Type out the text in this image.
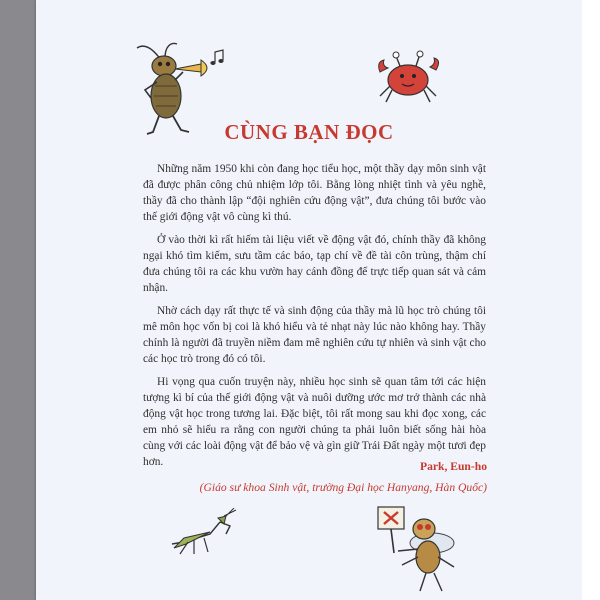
CÙNG BẠN ĐỌC

Những năm 1950 khi còn đang học tiểu học, một thầy dạy môn sinh vật đã được phân công chủ nhiệm lớp tôi. Bằng lòng nhiệt tình và yêu nghề, thầy đã cho thành lập “đội nghiên cứu động vật”, đưa chúng tôi bước vào thế giới động vật vô cùng kì thú.

Ở vào thời kì rất hiếm tài liệu viết về động vật đó, chính thầy đã không ngại khó tìm kiếm, sưu tầm các báo, tạp chí về đề tài côn trùng, thậm chí đưa chúng tôi ra các khu vườn hay cánh đồng để trực tiếp quan sát và cảm nhận.

Nhờ cách dạy rất thực tế và sinh động của thầy mà lũ học trò chúng tôi mê môn học vốn bị coi là khó hiểu và tẻ nhạt này lúc nào không hay. Thầy chính là người đã truyền niềm đam mê nghiên cứu tự nhiên và sinh vật cho các học trò trong đó có tôi.

Hi vọng qua cuốn truyện này, nhiều học sinh sẽ quan tâm tới các hiện tượng kì bí của thế giới động vật và nuôi dưỡng ước mơ trở thành các nhà động vật học trong tương lai. Đặc biệt, tôi rất mong sau khi đọc xong, các em nhỏ sẽ hiểu ra rằng con người chúng ta phải luôn biết sống hài hòa cùng với các loài động vật để bảo vệ và gìn giữ Trái Đất ngày một tươi đẹp hơn.	Park, Eun-ho
(Giáo sư khoa Sinh vật, trường Đại học Hanyang, Hàn Quốc)
